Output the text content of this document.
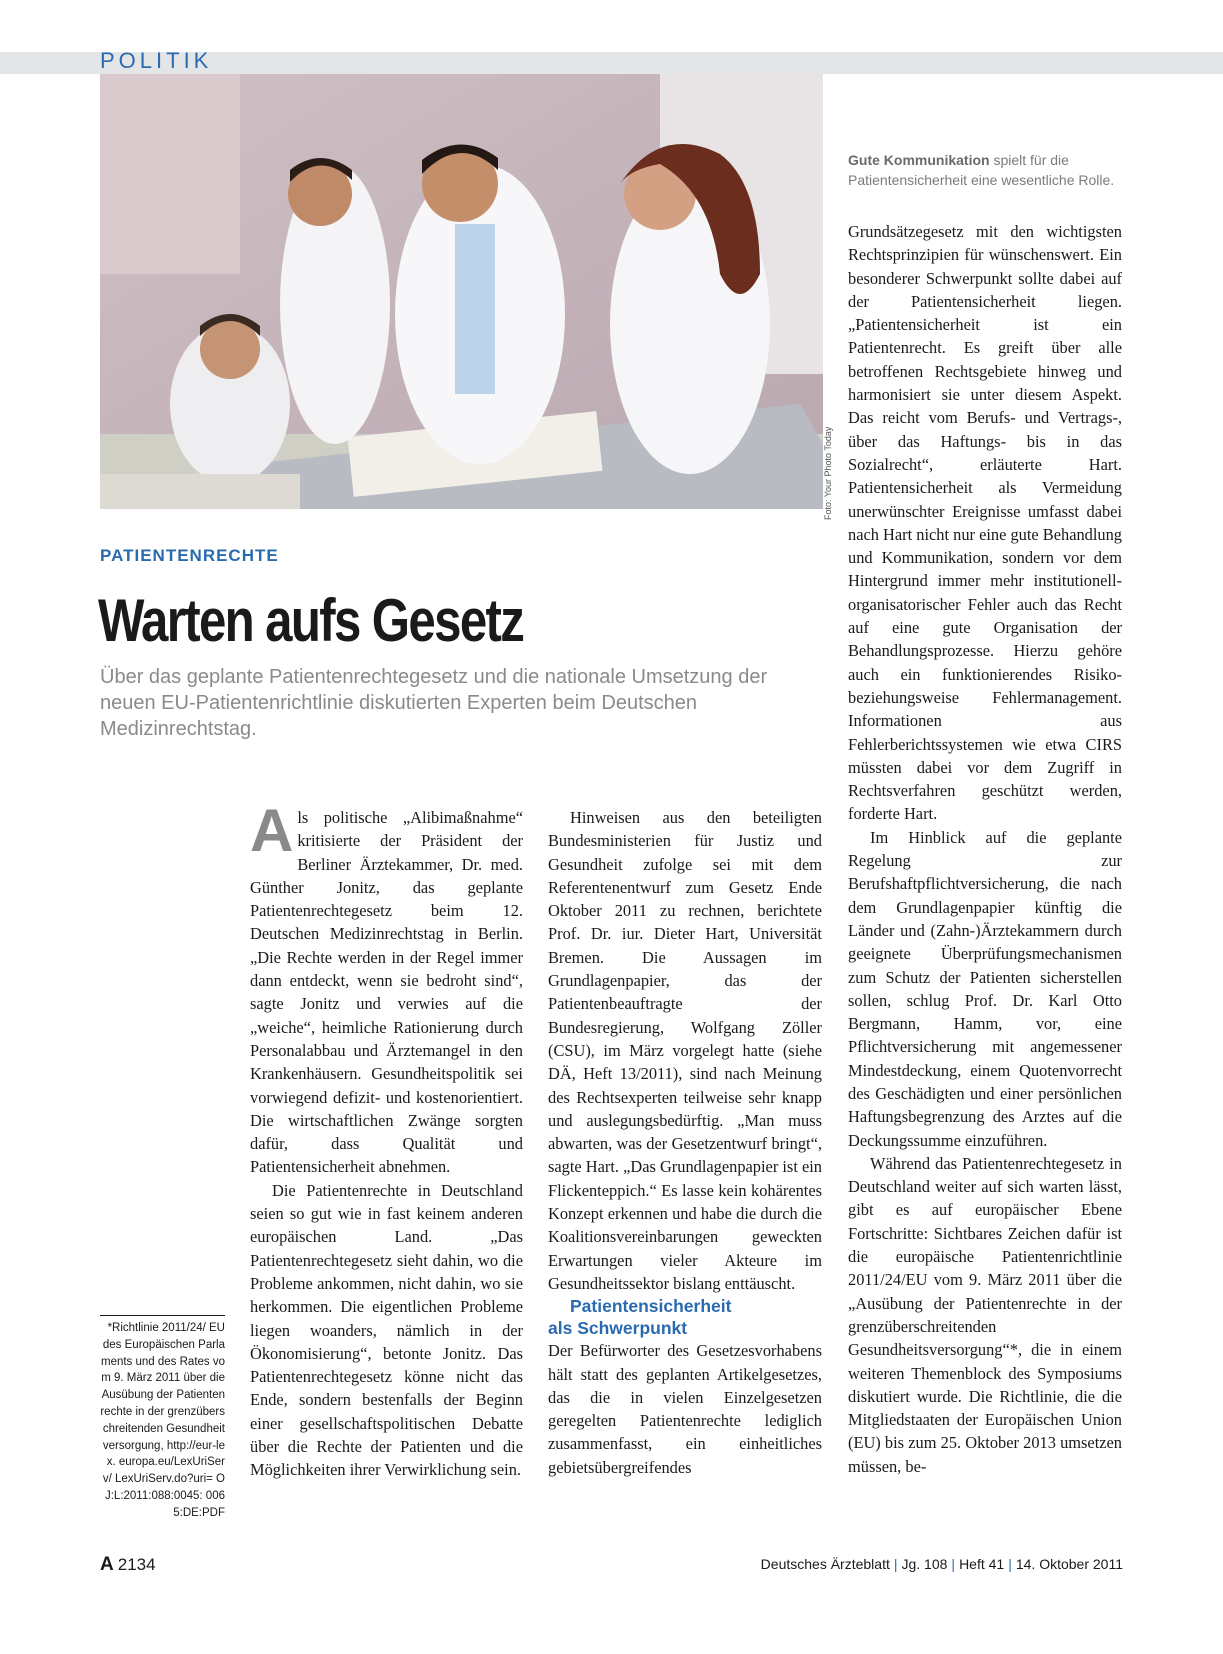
POLITIK
Foto: Your Photo Today
Gute Kommunikation spielt für die Patientensicherheit eine wesentliche Rolle.
PATIENTENRECHTE
Warten aufs Gesetz
Über das geplante Patientenrechtegesetz und die nationale Umsetzung der neuen EU-Patientenrichtlinie diskutierten Experten beim Deutschen Medizinrechtstag.

Als politische „Alibimaßnahme“ kritisierte der Präsident der Berliner Ärztekammer, Dr. med. Günther Jonitz, das geplante Patientenrechtegesetz beim 12. Deutschen Medizinrechtstag in Berlin. „Die Rechte werden in der Regel immer dann entdeckt, wenn sie bedroht sind“, sagte Jonitz und verwies auf die „weiche“, heimliche Rationierung durch Personalabbau und Ärztemangel in den Krankenhäusern. Gesundheitspolitik sei vorwiegend defizit- und kostenorientiert. Die wirtschaftlichen Zwänge sorgten dafür, dass Qualität und Patientensicherheit abnehmen.

Die Patientenrechte in Deutschland seien so gut wie in fast keinem anderen europäischen Land. „Das Patientenrechtegesetz sieht dahin, wo die Probleme ankommen, nicht dahin, wo sie herkommen. Die eigentlichen Probleme liegen woanders, nämlich in der Ökonomisierung“, betonte Jonitz. Das Patientenrechtegesetz könne nicht das Ende, sondern bestenfalls der Beginn einer gesellschaftspolitischen Debatte über die Rechte der Patienten und die Möglichkeiten ihrer Verwirklichung sein.

Hinweisen aus den beteiligten Bundesministerien für Justiz und Gesundheit zufolge sei mit dem Referentenentwurf zum Gesetz Ende Oktober 2011 zu rechnen, berichtete Prof. Dr. iur. Dieter Hart, Universität Bremen. Die Aussagen im Grundlagenpapier, das der Patientenbeauftragte der Bundesregierung, Wolfgang Zöller (CSU), im März vorgelegt hatte (siehe DÄ, Heft 13/2011), sind nach Meinung des Rechtsexperten teilweise sehr knapp und auslegungsbedürftig. „Man muss abwarten, was der Gesetzentwurf bringt“, sagte Hart. „Das Grundlagenpapier ist ein Flickenteppich.“ Es lasse kein kohärentes Konzept erkennen und habe die durch die Koalitionsvereinbarungen geweckten Erwartungen vieler Akteure im Gesundheitssektor bislang enttäuscht.

Patientensicherheit
als Schwerpunkt

Der Befürworter des Gesetzesvorhabens hält statt des geplanten Artikelgesetzes, das die in vielen Einzelgesetzen geregelten Patientenrechte lediglich zusammenfasst, ein einheitliches gebietsübergreifendes

Grundsätzegesetz mit den wichtigsten Rechtsprinzipien für wünschenswert. Ein besonderer Schwerpunkt sollte dabei auf der Patientensicherheit liegen. „Patientensicherheit ist ein Patientenrecht. Es greift über alle betroffenen Rechtsgebiete hinweg und harmonisiert sie unter diesem Aspekt. Das reicht vom Berufs- und Vertrags-, über das Haftungs- bis in das Sozialrecht“, erläuterte Hart. Patientensicherheit als Vermeidung unerwünschter Ereignisse umfasst dabei nach Hart nicht nur eine gute Behandlung und Kommunikation, sondern vor dem Hintergrund immer mehr institutionell-organisatorischer Fehler auch das Recht auf eine gute Organisation der Behandlungsprozesse. Hierzu gehöre auch ein funktionierendes Risiko- beziehungsweise Fehlermanagement. Informationen aus Fehlerberichtssystemen wie etwa CIRS müssten dabei vor dem Zugriff in Rechtsverfahren geschützt werden, forderte Hart.

Im Hinblick auf die geplante Regelung zur Berufshaftpflichtversicherung, die nach dem Grundlagenpapier künftig die Länder und (Zahn-)Ärztekammern durch geeignete Überprüfungsmechanismen zum Schutz der Patienten sicherstellen sollen, schlug Prof. Dr. Karl Otto Bergmann, Hamm, vor, eine Pflichtversicherung mit angemessener Mindestdeckung, einem Quotenvorrecht des Geschädigten und einer persönlichen Haftungsbegrenzung des Arztes auf die Deckungssumme einzuführen.

Während das Patientenrechtegesetz in Deutschland weiter auf sich warten lässt, gibt es auf europäischer Ebene Fortschritte: Sichtbares Zeichen dafür ist die europäische Patientenrichtlinie 2011/24/EU vom 9. März 2011 über die „Ausübung der Patientenrechte in der grenzüberschreitenden Gesundheitsversorgung“*, die in einem weiteren Themenblock des Symposiums diskutiert wurde. Die Richtlinie, die die Mitgliedstaaten der Europäischen Union (EU) bis zum 25. Oktober 2013 umsetzen müssen, be-

*Richtlinie 2011/24/ EU des Europäischen Parlaments und des Rates vom 9. März 2011 über die Ausübung der Patientenrechte in der grenzüberschreitenden Gesundheitversorgung, http://eur-lex. europa.eu/LexUriServ/ LexUriServ.do?uri= OJ:L:2011:088:0045: 0065:DE:PDF
A 2134	Deutsches Ärzteblatt | Jg. 108 | Heft 41 | 14. Oktober 2011
